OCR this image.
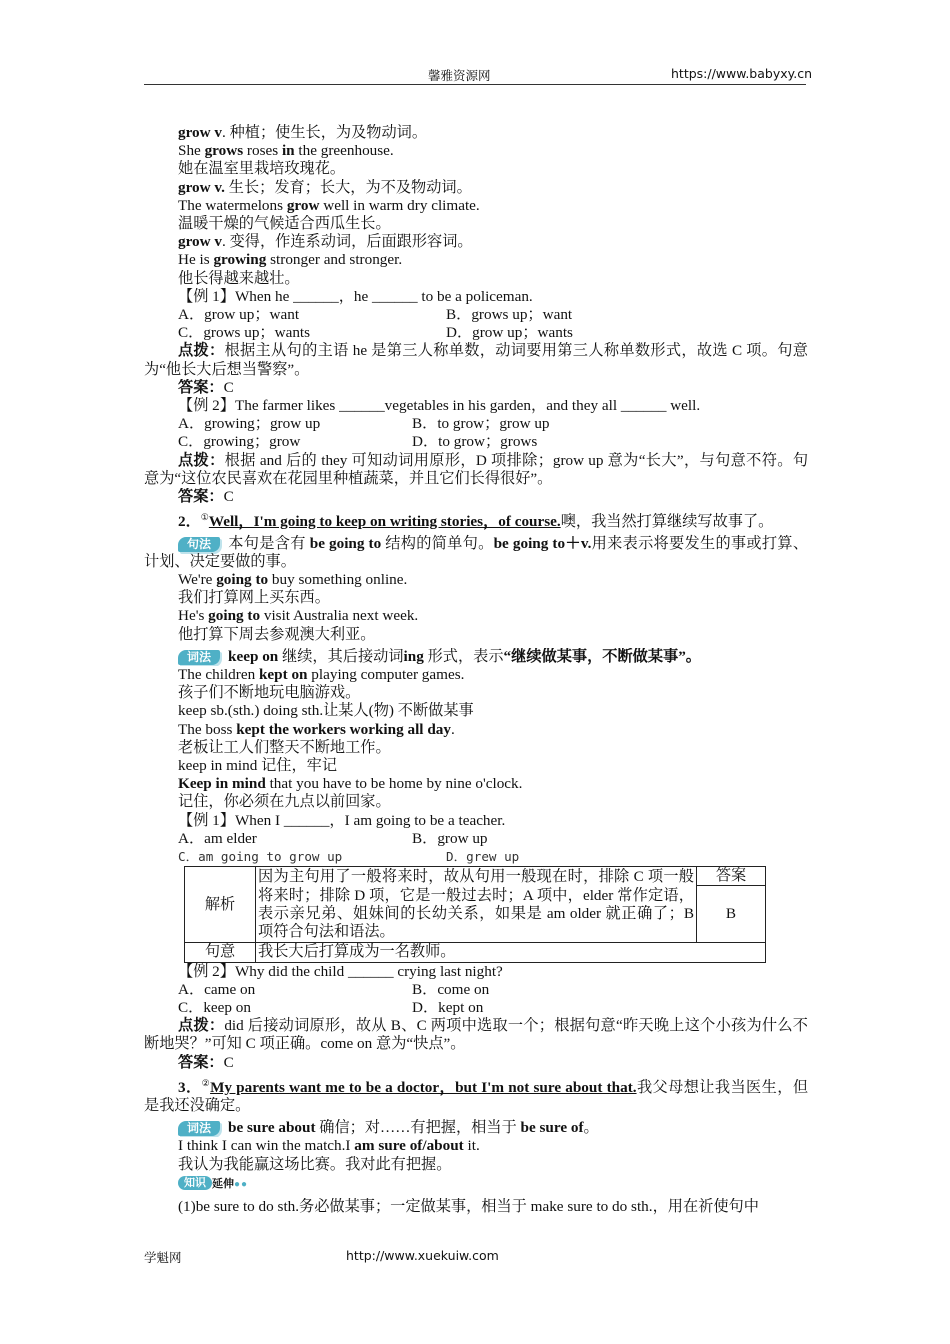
馨雅资源网	https://www.babyxy.cn
grow v. 种植；使生长，为及物动词。
She grows roses in the greenhouse.
她在温室里栽培玫瑰花。
grow v. 生长；发育；长大，为不及物动词。
The watermelons grow well in warm dry climate.
温暖干燥的气候适合西瓜生长。
grow v. 变得，作连系动词，后面跟形容词。
He is growing stronger and stronger.
他长得越来越壮。
【例 1】When he ______，he ______ to be a policeman.
A．grow up；want	B．grows up；want
C．grows up；wants	D．grow up；wants
点拨：根据主从句的主语 he 是第三人称单数，动词要用第三人称单数形式，故选 C 项。句意为“他长大后想当警察”。
答案：C
【例 2】The farmer likes ______vegetables in his garden，and they all ______ well.
A．growing；grow up	B．to grow；grow up
C．growing；grow	D．to grow；grows
点拨：根据 and 后的 they 可知动词用原形，D 项排除；grow up 意为“长大”，与句意不符。句意为“这位农民喜欢在花园里种植蔬菜，并且它们长得很好”。
答案：C
2．①Well，I'm going to keep on writing stories，of course.噢，我当然打算继续写故事了。
句法 本句是含有 be going to 结构的简单句。be going to＋v.用来表示将要发生的事或打算、计划、决定要做的事。
We're going to buy something online.
我们打算网上买东西。
He's going to visit Australia next week.
他打算下周去参观澳大利亚。
词法 keep on 继续，其后接动词ing 形式，表示“继续做某事，不断做某事”。
The children kept on playing computer games.
孩子们不断地玩电脑游戏。
keep sb.(sth.) doing sth.让某人(物) 不断做某事
The boss kept the workers working all day.
老板让工人们整天不断地工作。
keep in mind 记住，牢记
Keep in mind that you have to be home by nine o'clock.
记住，你必须在九点以前回家。
【例 1】When I ______，I am going to be a teacher.
A．am elder	B．grow up
C．am going to grow up	D．grew up
解析	因为主句用了一般将来时，故从句用一般现在时，排除 C 项一般将来时；排除 D 项，它是一般过去时；A 项中，elder 常作定语，表示亲兄弟、姐妹间的长幼关系，如果是 am older 就正确了；B 项符合句法和语法。	答案
		B
句意	我长大后打算成为一名教师。	
【例 2】Why did the child ______ crying last night?
A．came on	B．come on
C．keep on	D．kept on
点拨：did 后接动词原形，故从 B、C 两项中选取一个；根据句意“昨天晚上这个小孩为什么不断地哭？”可知 C 项正确。come on 意为“快点”。
答案：C
3．②My parents want me to be a doctor，but I'm not sure about that.我父母想让我当医生，但是我还没确定。
词法 be sure about 确信；对……有把握，相当于 be sure of。
I think I can win the match.I am sure of/about it.
我认为我能赢这场比赛。我对此有把握。
知识 延伸●●
(1)be sure to do sth.务必做某事；一定做某事，相当于 make sure to do sth.，用在祈使句中
学魁网	http://www.xuekuiw.com
